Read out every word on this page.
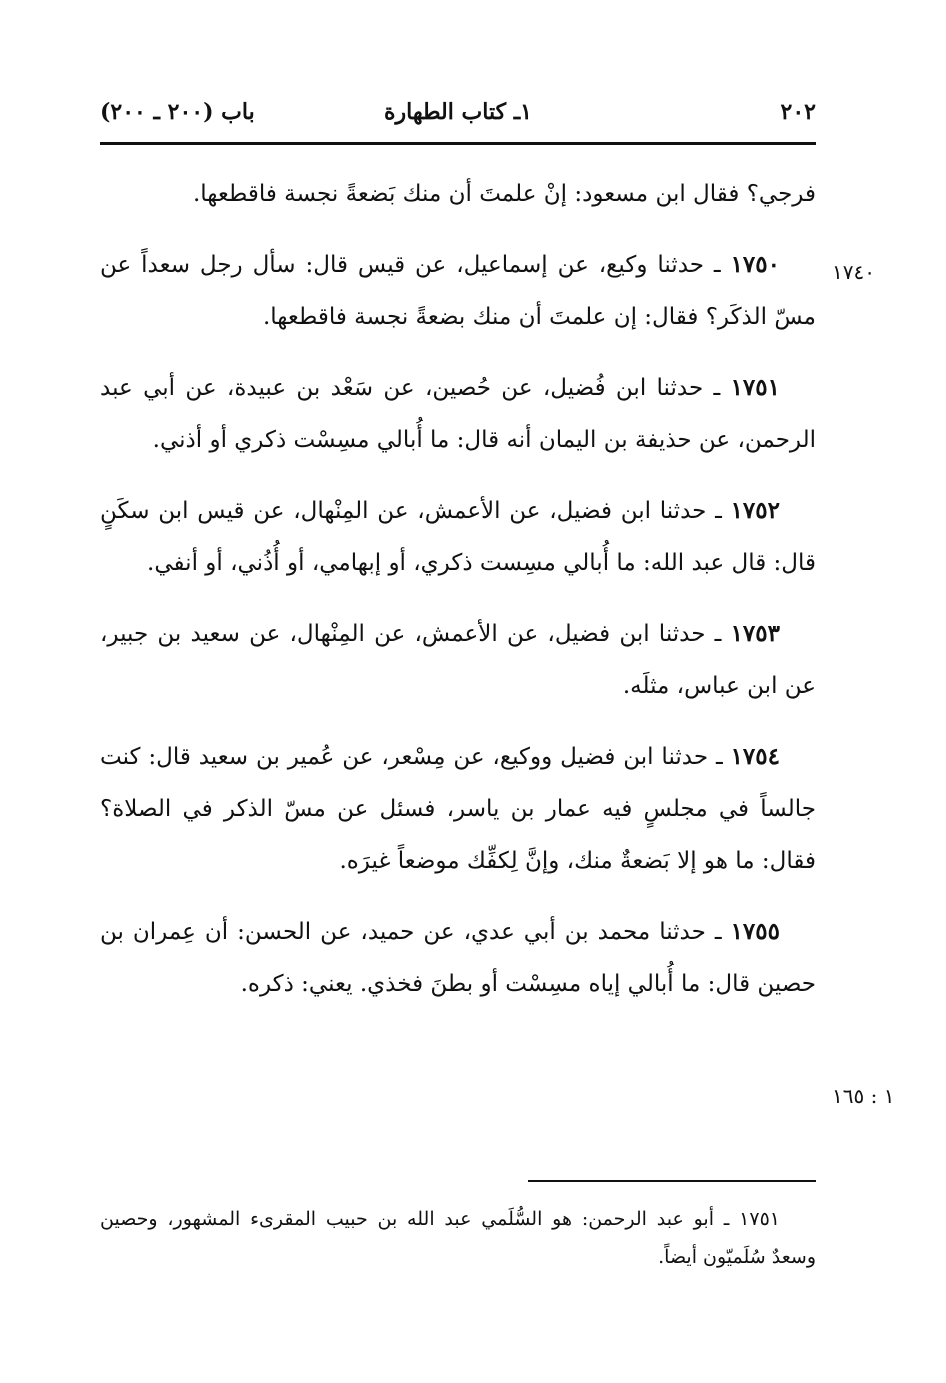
٢٠٢
١ـ كتاب الطهارة
باب (٢٠٠ ـ ٢٠٠)
١٧٤٠
١ : ١٦٥

فرجي؟ فقال ابن مسعود: إنْ علمتَ أن منك بَضعةً نجسة فاقطعها.

١٧٥٠ ـ حدثنا وكيع، عن إسماعيل، عن قيس قال: سأل رجل سعداً عن مسّ الذكَر؟ فقال: إن علمتَ أن منك بضعةً نجسة فاقطعها.

١٧٥١ ـ حدثنا ابن فُضيل، عن حُصين، عن سَعْد بن عبيدة، عن أبي عبد الرحمن، عن حذيفة بن اليمان أنه قال: ما أُبالي مسِسْت ذكري أو أذني.

١٧٥٢ ـ حدثنا ابن فضيل، عن الأعمش، عن المِنْهال، عن قيس ابن سكَنٍ قال: قال عبد الله: ما أُبالي مسِست ذكري، أو إبهامي، أو أُذُني، أو أنفي.

١٧٥٣ ـ حدثنا ابن فضيل، عن الأعمش، عن المِنْهال، عن سعيد بن جبير، عن ابن عباس، مثلَه.

١٧٥٤ ـ حدثنا ابن فضيل ووكيع، عن مِسْعر، عن عُمير بن سعيد قال: كنت جالساً في مجلسٍ فيه عمار بن ياسر، فسئل عن مسّ الذكر في الصلاة؟ فقال: ما هو إلا بَضعةٌ منك، وإنَّ لِكفِّك موضعاً غيرَه.

١٧٥٥ ـ حدثنا محمد بن أبي عدي، عن حميد، عن الحسن: أن عِمران بن حصين قال: ما أُبالي إياه مسِسْت أو بطنَ فخذي. يعني: ذكره.

١٧٥١ ـ أبو عبد الرحمن: هو السُّلَمي عبد الله بن حبيب المقرىء المشهور، وحصين وسعدٌ سُلَميّون أيضاً.
